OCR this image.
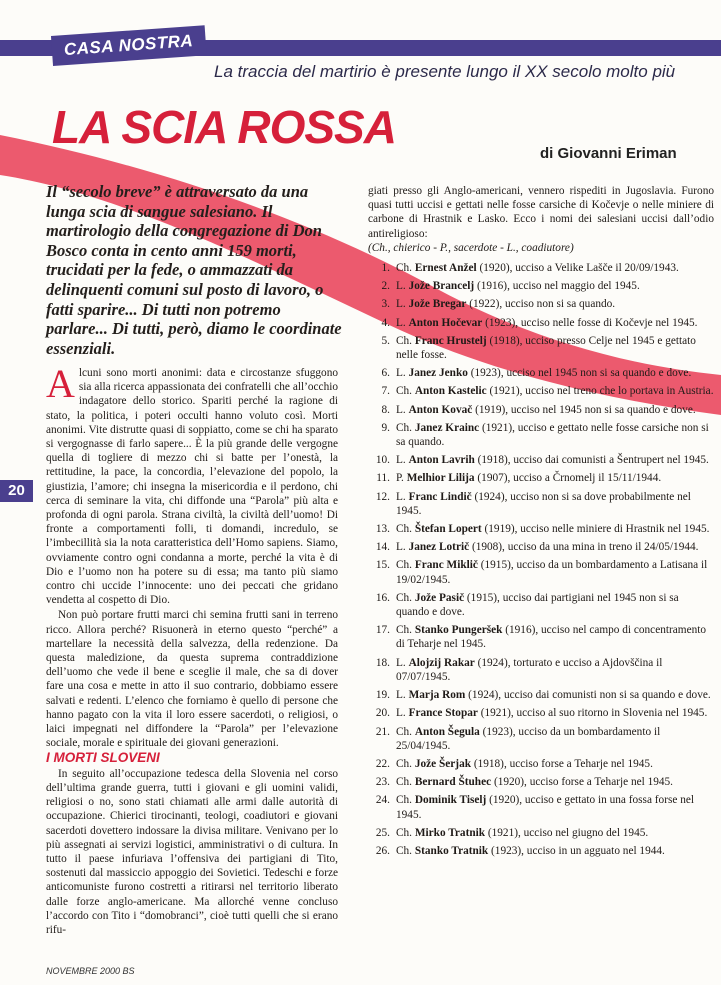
CASA NOSTRA
La traccia del martirio è presente lungo il XX secolo molto più
LA SCIA ROSSA
di Giovanni Eriman
Il “secolo breve” è attraversato da una lunga scia di sangue salesiano. Il martirologio della congregazione di Don Bosco conta in cento anni 159 morti, trucidati per la fede, o ammazzati da delinquenti comuni sul posto di lavoro, o fatti sparire... Di tutti non potremo parlare... Di tutti, però, diamo le coordinate essenziali.
20

Alcuni sono morti anonimi: data e circostanze sfuggono sia alla ricerca appassionata dei confratelli che all’occhio indagatore dello storico. Spariti perché la ragione di stato, la politica, i poteri occulti hanno voluto così. Morti anonimi. Vite distrutte quasi di soppiatto, come se chi ha sparato si vergognasse di farlo sapere... È la più grande delle vergogne quella di togliere di mezzo chi si batte per l’onestà, la rettitudine, la pace, la concordia, l’elevazione del popolo, la giustizia, l’amore; chi insegna la misericordia e il perdono, chi cerca di seminare la vita, chi diffonde una “Parola” più alta e profonda di ogni parola. Strana civiltà, la civiltà dell’uomo! Di fronte a comportamenti folli, ti domandi, incredulo, se l’imbecillità sia la nota caratteristica dell’Homo sapiens. Siamo, ovviamente contro ogni condanna a morte, perché la vita è di Dio e l’uomo non ha potere su di essa; ma tanto più siamo contro chi uccide l’innocente: uno dei peccati che gridano vendetta al cospetto di Dio.

Non può portare frutti marci chi semina frutti sani in terreno ricco. Allora perché? Risuonerà in eterno questo “perché” a martellare la necessità della salvezza, della redenzione. Da questa maledizione, da questa suprema contraddizione dell’uomo che vede il bene e sceglie il male, che sa di dover fare una cosa e mette in atto il suo contrario, dobbiamo essere salvati e redenti. L’elenco che forniamo è quello di persone che hanno pagato con la vita il loro essere sacerdoti, o religiosi, o laici impegnati nel diffondere la “Parola” per l’elevazione sociale, morale e spirituale dei giovani generazioni.

I MORTI SLOVENI

In seguito all’occupazione tedesca della Slovenia nel corso dell’ultima grande guerra, tutti i giovani e gli uomini validi, religiosi o no, sono stati chiamati alle armi dalle autorità di occupazione. Chierici tirocinanti, teologi, coadiutori e giovani sacerdoti dovettero indossare la divisa militare. Venivano per lo più assegnati ai servizi logistici, amministrativi o di cultura. In tutto il paese infuriava l’offensiva dei partigiani di Tito, sostenuti dal massiccio appoggio dei Sovietici. Tedeschi e forze anticomuniste furono costretti a ritirarsi nel territorio liberato dalle forze anglo-americane. Ma allorché venne concluso l’accordo con Tito i “domobranci”, cioè tutti quelli che si erano rifu-

giati presso gli Anglo-americani, vennero rispediti in Jugoslavia. Furono quasi tutti uccisi e gettati nelle fosse carsiche di Kočevje o nelle miniere di carbone di Hrastnik e Lasko. Ecco i nomi dei salesiani uccisi dall’odio antireligioso:
(Ch., chierico - P., sacerdote - L., coadiutore)

1. Ch. Ernest Anžel (1920), ucciso a Velike Lašče il 20/09/1943.
2. L. Jože Brancelj (1916), ucciso nel maggio del 1945.
3. L. Jože Bregar (1922), ucciso non si sa quando.
4. L. Anton Hočevar (1923), ucciso nelle fosse di Kočevje nel 1945.
5. Ch. Franc Hrustelj (1918), ucciso presso Celje nel 1945 e gettato nelle fosse.
6. L. Janez Jenko (1923), ucciso nel 1945 non si sa quando e dove.
7. Ch. Anton Kastelic (1921), ucciso nel treno che lo portava in Austria.
8. L. Anton Kovač (1919), ucciso nel 1945 non si sa quando e dove.
9. Ch. Janez Krainc (1921), ucciso e gettato nelle fosse carsiche non si sa quando.
10. L. Anton Lavrih (1918), ucciso dai comunisti a Šentrupert nel 1945.
11. P. Melhior Lilija (1907), ucciso a Črnomelj il 15/11/1944.
12. L. Franc Lindič (1924), ucciso non si sa dove probabilmente nel 1945.
13. Ch. Štefan Lopert (1919), ucciso nelle miniere di Hrastnik nel 1945.
14. L. Janez Lotrič (1908), ucciso da una mina in treno il 24/05/1944.
15. Ch. Franc Miklič (1915), ucciso da un bombardamento a Latisana il 19/02/1945.
16. Ch. Jože Pasič (1915), ucciso dai partigiani nel 1945 non si sa quando e dove.
17. Ch. Stanko Pungeršek (1916), ucciso nel campo di concentramento di Teharje nel 1945.
18. L. Alojzij Rakar (1924), torturato e ucciso a Ajdovščina il 07/07/1945.
19. L. Marja Rom (1924), ucciso dai comunisti non si sa quando e dove.
20. L. France Stopar (1921), ucciso al suo ritorno in Slovenia nel 1945.
21. Ch. Anton Šegula (1923), ucciso da un bombardamento il 25/04/1945.
22. Ch. Jože Šerjak (1918), ucciso forse a Teharje nel 1945.
23. Ch. Bernard Štuhec (1920), ucciso forse a Teharje nel 1945.
24. Ch. Dominik Tiselj (1920), ucciso e gettato in una fossa forse nel 1945.
25. Ch. Mirko Tratnik (1921), ucciso nel giugno del 1945.
26. Ch. Stanko Tratnik (1923), ucciso in un agguato nel 1944.
NOVEMBRE 2000 BS
